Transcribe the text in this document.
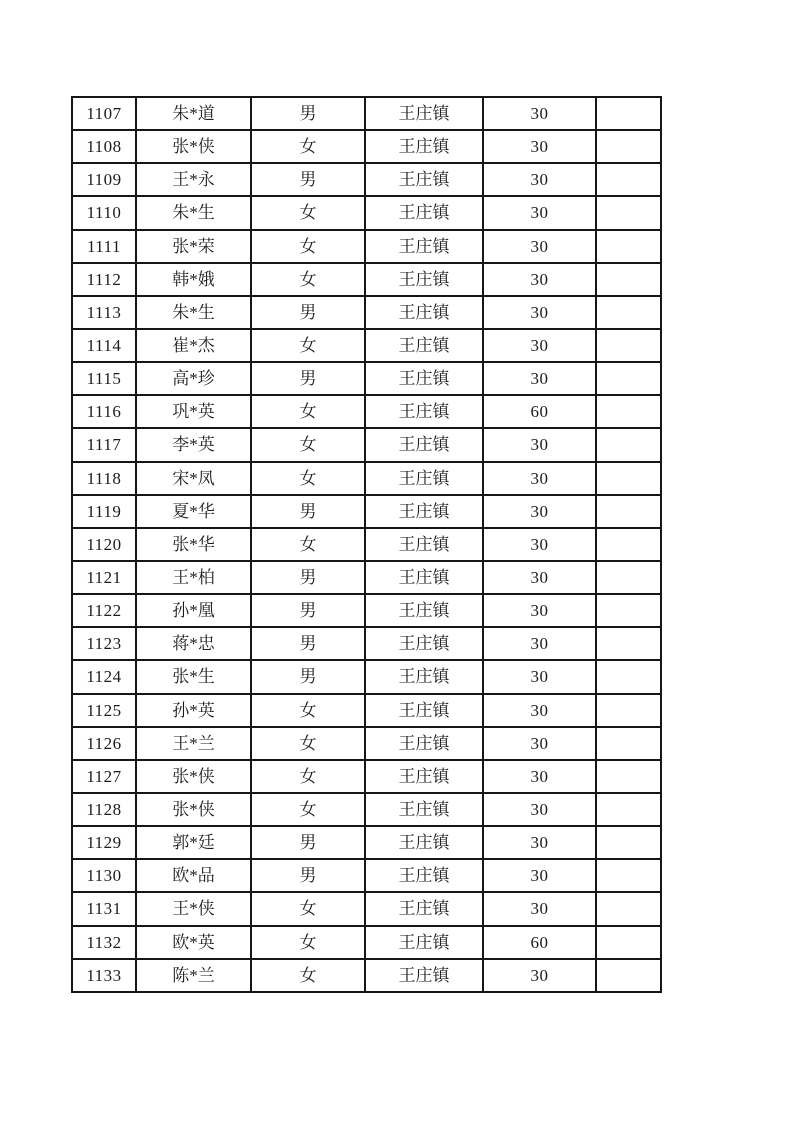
1107	朱*道	男	王庄镇	30	
1108	张*侠	女	王庄镇	30	
1109	王*永	男	王庄镇	30	
1110	朱*生	女	王庄镇	30	
1111	张*荣	女	王庄镇	30	
1112	韩*娥	女	王庄镇	30	
1113	朱*生	男	王庄镇	30	
1114	崔*杰	女	王庄镇	30	
1115	高*珍	男	王庄镇	30	
1116	巩*英	女	王庄镇	60	
1117	李*英	女	王庄镇	30	
1118	宋*凤	女	王庄镇	30	
1119	夏*华	男	王庄镇	30	
1120	张*华	女	王庄镇	30	
1121	王*柏	男	王庄镇	30	
1122	孙*凰	男	王庄镇	30	
1123	蒋*忠	男	王庄镇	30	
1124	张*生	男	王庄镇	30	
1125	孙*英	女	王庄镇	30	
1126	王*兰	女	王庄镇	30	
1127	张*侠	女	王庄镇	30	
1128	张*侠	女	王庄镇	30	
1129	郭*廷	男	王庄镇	30	
1130	欧*品	男	王庄镇	30	
1131	王*侠	女	王庄镇	30	
1132	欧*英	女	王庄镇	60	
1133	陈*兰	女	王庄镇	30	
